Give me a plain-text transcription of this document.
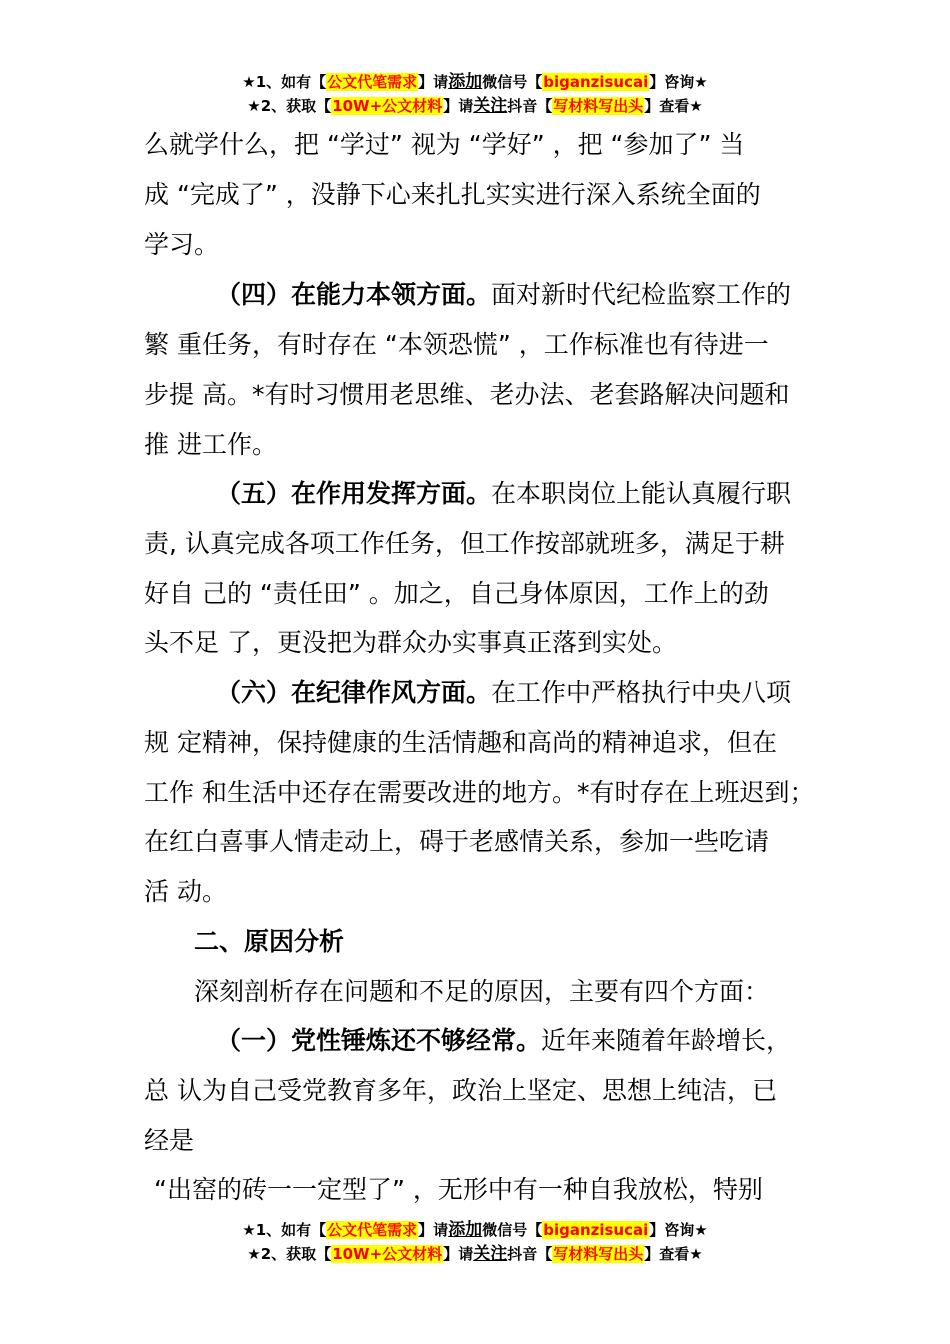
★1、如有【公文代笔需求】请添加微信号【biganzisucai】咨询★
★2、获取【10W+公文材料】请关注抖音【写材料写出头】查看★
么就学什么，把 “学过” 视为 “学好” ，把 “参加了” 当
成 “完成了” ，没静下心来扎扎实实进行深入系统全面的
学习。
（四）在能力本领方面。面对新时代纪检监察工作的
繁 重任务，有时存在 “本领恐慌” ，工作标准也有待进一
步提 高。*有时习惯用老思维、老办法、老套路解决问题和
推 进工作。
（五）在作用发挥方面。在本职岗位上能认真履行职
责, 认真完成各项工作任务，但工作按部就班多，满足于耕
好自 己的 “责任田” 。加之，自己身体原因，工作上的劲
头不足 了，更没把为群众办实事真正落到实处。
（六）在纪律作风方面。在工作中严格执行中央八项
规 定精神，保持健康的生活情趣和高尚的精神追求，但在
工作 和生活中还存在需要改进的地方。*有时存在上班迟到；
在红白喜事人情走动上，碍于老感情关系，参加一些吃请
活 动。
二、原因分析
深刻剖析存在问题和不足的原因，主要有四个方面：
（一）党性锤炼还不够经常。近年来随着年龄增长，
总 认为自己受党教育多年，政治上坚定、思想上纯洁，已
经是
“出窑的砖一一定型了” ，无形中有一种自我放松，特别
★1、如有【公文代笔需求】请添加微信号【biganzisucai】咨询★
★2、获取【10W+公文材料】请关注抖音【写材料写出头】查看★
